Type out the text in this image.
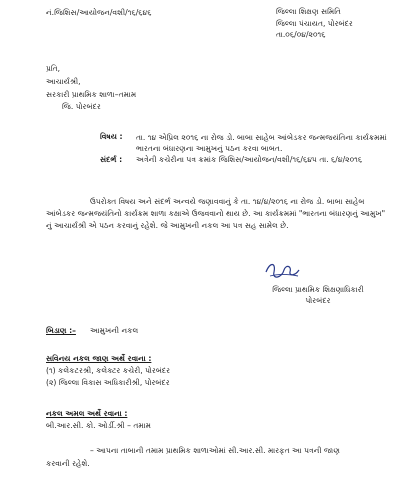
નં.જિશિસ/આયોજન/વશી/૧૬/૬૪૬	જિલ્લા શિક્ષણ સમિતિ
જિલ્લા પંચાયત, પોરબંદર
તા.૦૬/૦૪/૨૦૧૬
પ્રતિ,
આચાર્યશ્રી,
સરકારી પ્રાથમિક શાળા–તમામ
જિ. પોરબંદર
વિષય : તા. ૧૪ એપ્રિલ ૨૦૧૬ ના રોજ ડો. બાબા સાહેબ આંબેડકર જન્મજયંતિના કાર્યક્રમમાં
ભારતના બંધારણના આમુખનું પઠન કરવા બાબત.
સંદર્ભ : અત્રેની કચેરીના પત્ર ક્રમાંક જિશિસ/આયોજન/વશી/૧૬/૬૪૫ તા. ૬/૪/૨૦૧૬
ઉપરોક્ત વિષય અને સંદર્ભ અન્વયે જણાવવાનું કે તા. ૧૪/૪/૨૦૧૬ ના રોજ ડો. બાબા સાહેબ
આંબેડકર જન્મજયંતિનો કાર્યક્રમ શાળા કક્ષાએ ઉજવવાનો થાય છે. આ કાર્યક્રમમાં "ભારતના બંધારણનું આમુખ" નું આચાર્યશ્રી એ પઠન કરવાનું રહેશે. જે આમુખની નકલ આ પત્ર સહ સામેલ છે.
જિલ્લા પ્રાથમિક શિક્ષણાધિકારી
પોરબંદર
બિડાણ :– આમુખની નકલ
સવિનય નકલ જાણ અર્થે રવાના :
(૧) કલેકટરશ્રી, કલેક્ટર કચેરી, પોરબંદર
(૨) જિલ્લા વિકાસ અધિકારીશ્રી, પોરબંદર
નકલ અમલ અર્થે રવાના :
બી.આર.સી. કો. ઓર્ડી.શ્રી – તમામ
– આપના તાબાની તમામ પ્રાથમિક શાળાઓમાં સી.આર.સી. મારફત આ પત્રની જાણ
કરવાની રહેશે.
